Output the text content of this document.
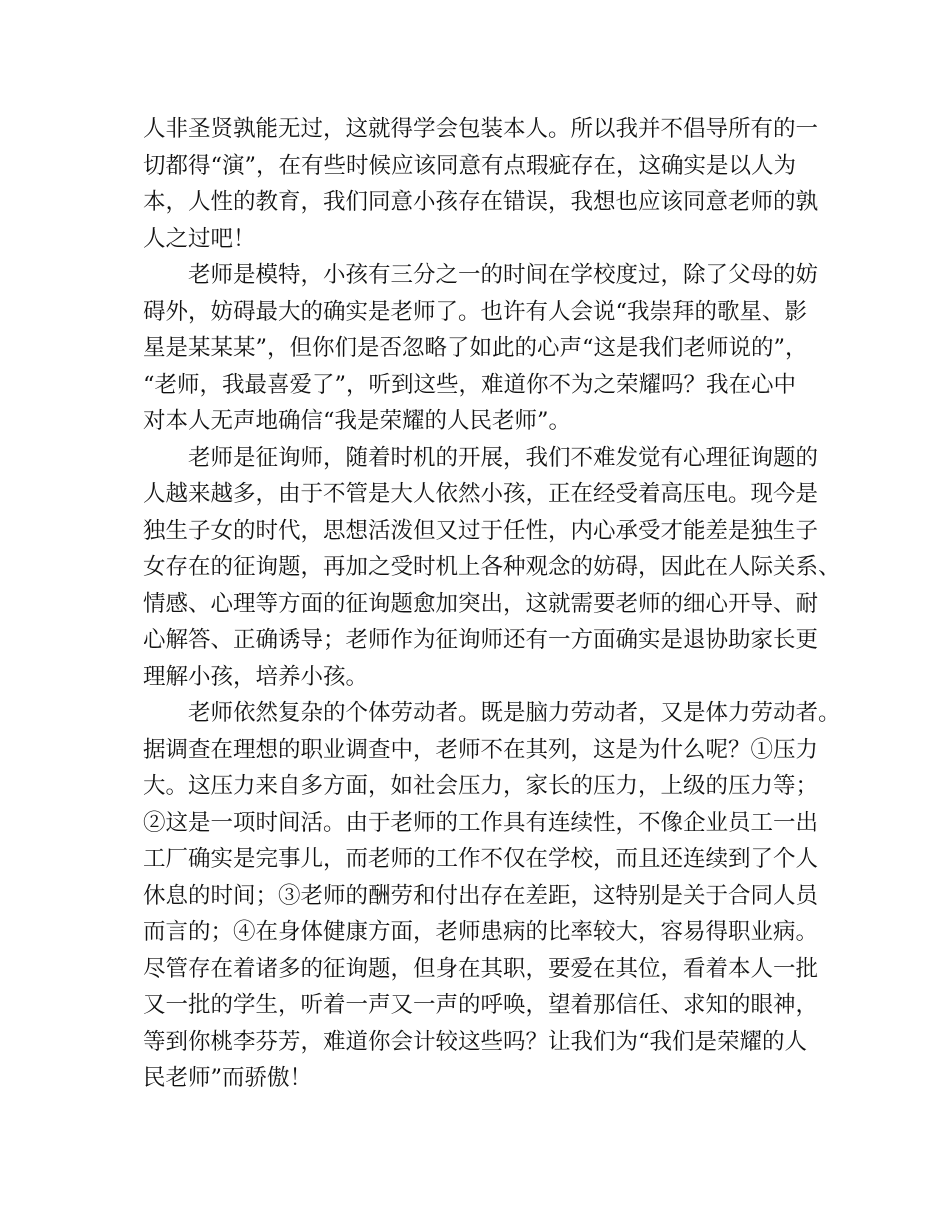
人非圣贤孰能无过，这就得学会包装本人。所以我并不倡导所有的一
切都得“演”，在有些时候应该同意有点瑕疵存在，这确实是以人为
本，人性的教育，我们同意小孩存在错误，我想也应该同意老师的孰
人之过吧！
老师是模特，小孩有三分之一的时间在学校度过，除了父母的妨
碍外，妨碍最大的确实是老师了。也许有人会说“我崇拜的歌星、影
星是某某某”，但你们是否忽略了如此的心声“这是我们老师说的”，
“老师，我最喜爱了”，听到这些，难道你不为之荣耀吗？我在心中
对本人无声地确信“我是荣耀的人民老师”。
老师是征询师，随着时机的开展，我们不难发觉有心理征询题的
人越来越多，由于不管是大人依然小孩，正在经受着高压电。现今是
独生子女的时代，思想活泼但又过于任性，内心承受才能差是独生子
女存在的征询题，再加之受时机上各种观念的妨碍，因此在人际关系、
情感、心理等方面的征询题愈加突出，这就需要老师的细心开导、耐
心解答、正确诱导；老师作为征询师还有一方面确实是退协助家长更
理解小孩，培养小孩。
老师依然复杂的个体劳动者。既是脑力劳动者，又是体力劳动者。
据调查在理想的职业调查中，老师不在其列，这是为什么呢？①压力
大。这压力来自多方面，如社会压力，家长的压力，上级的压力等；
②这是一项时间活。由于老师的工作具有连续性，不像企业员工一出
工厂确实是完事儿，而老师的工作不仅在学校，而且还连续到了个人
休息的时间；③老师的酬劳和付出存在差距，这特别是关于合同人员
而言的；④在身体健康方面，老师患病的比率较大，容易得职业病。
尽管存在着诸多的征询题，但身在其职，要爱在其位，看着本人一批
又一批的学生，听着一声又一声的呼唤，望着那信任、求知的眼神，
等到你桃李芬芳，难道你会计较这些吗？让我们为“我们是荣耀的人
民老师”而骄傲！
